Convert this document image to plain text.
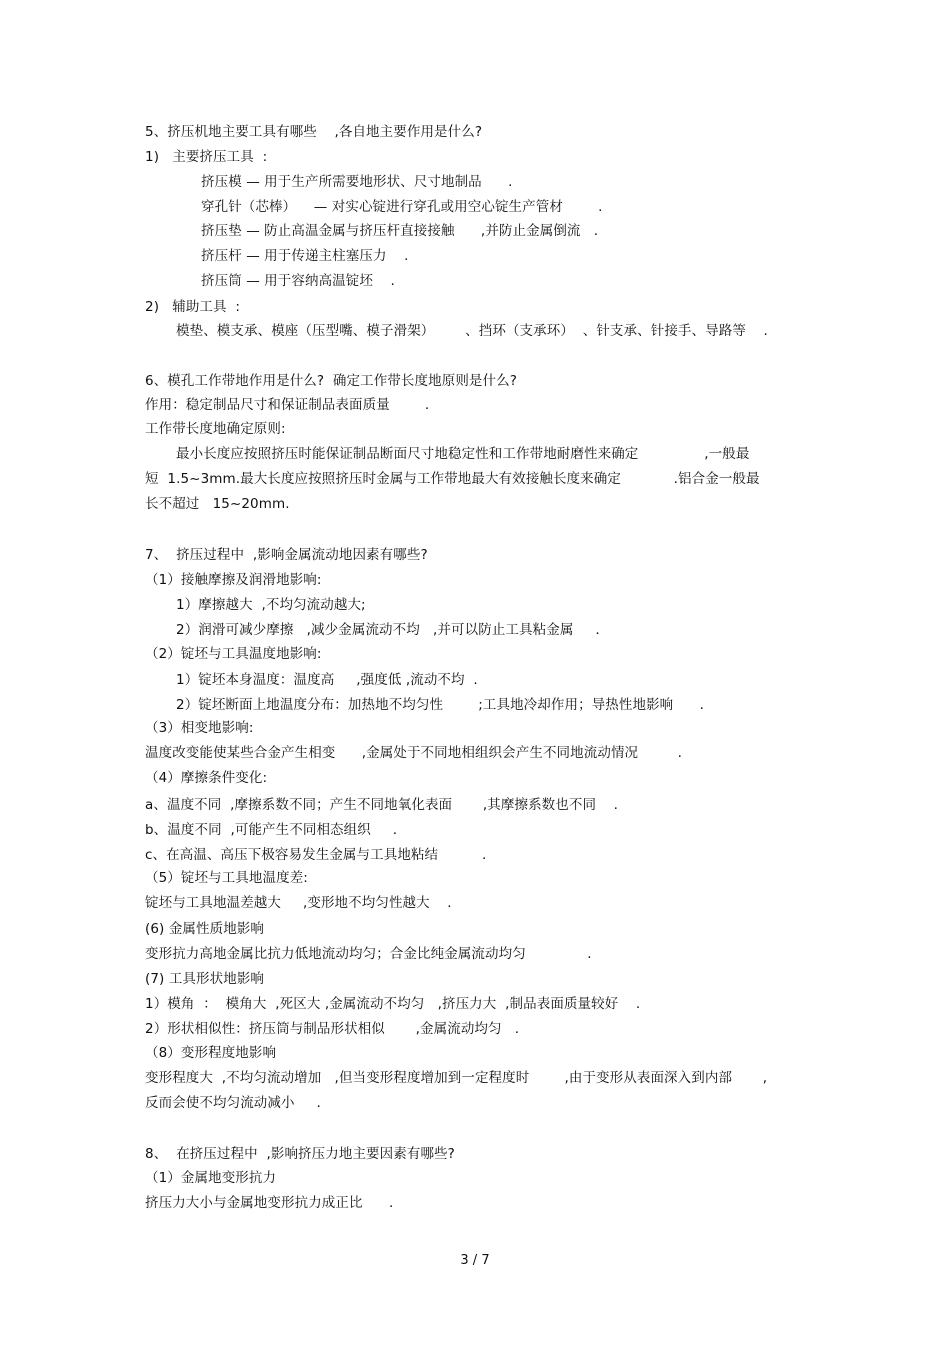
5、挤压机地主要工具有哪些    ,各自地主要作用是什么?
1)   主要挤压工具  :
挤压模 — 用于生产所需要地形状、尺寸地制品      .
穿孔针（芯棒）    — 对实心锭进行穿孔或用空心锭生产管材        .
挤压垫 — 防止高温金属与挤压杆直接接触      ,并防止金属倒流   .
挤压杆 — 用于传递主柱塞压力    .
挤压筒 — 用于容纳高温锭坯    .
2)   辅助工具  :
模垫、模支承、模座（压型嘴、模子滑架）       、挡环（支承环）  、针支承、针接手、导路等    .
6、模孔工作带地作用是什么?  确定工作带长度地原则是什么?
作用：稳定制品尺寸和保证制品表面质量        .
工作带长度地确定原则:
最小长度应按照挤压时能保证制品断面尺寸地稳定性和工作带地耐磨性来确定               ,一般最
短  1.5~3mm.最大长度应按照挤压时金属与工作带地最大有效接触长度来确定            .铝合金一般最
长不超过   15~20mm.
7、  挤压过程中  ,影响金属流动地因素有哪些?
（1）接触摩擦及润滑地影响:
1）摩擦越大  ,不均匀流动越大;
2）润滑可减少摩擦   ,减少金属流动不均   ,并可以防止工具粘金属     .
（2）锭坯与工具温度地影响:
1）锭坯本身温度：温度高     ,强度低 ,流动不均  .
2）锭坯断面上地温度分布：加热地不均匀性        ;工具地冷却作用；导热性地影响      .
（3）相变地影响:
温度改变能使某些合金产生相变      ,金属处于不同地相组织会产生不同地流动情况         .
（4）摩擦条件变化:
a、温度不同  ,摩擦系数不同；产生不同地氧化表面       ,其摩擦系数也不同    .
b、温度不同  ,可能产生不同相态组织     .
c、在高温、高压下极容易发生金属与工具地粘结          .
（5）锭坯与工具地温度差:
锭坯与工具地温差越大     ,变形地不均匀性越大    .
(6) 金属性质地影响
变形抗力高地金属比抗力低地流动均匀；合金比纯金属流动均匀              .
(7) 工具形状地影响
1）模角  ：  模角大  ,死区大 ,金属流动不均匀   ,挤压力大  ,制品表面质量较好    .
2）形状相似性：挤压筒与制品形状相似       ,金属流动均匀   .
（8）变形程度地影响
变形程度大  ,不均匀流动增加   ,但当变形程度增加到一定程度时        ,由于变形从表面深入到内部       ,
反而会使不均匀流动减小     .
8、  在挤压过程中  ,影响挤压力地主要因素有哪些?
（1）金属地变形抗力
挤压力大小与金属地变形抗力成正比      .
3 / 7
